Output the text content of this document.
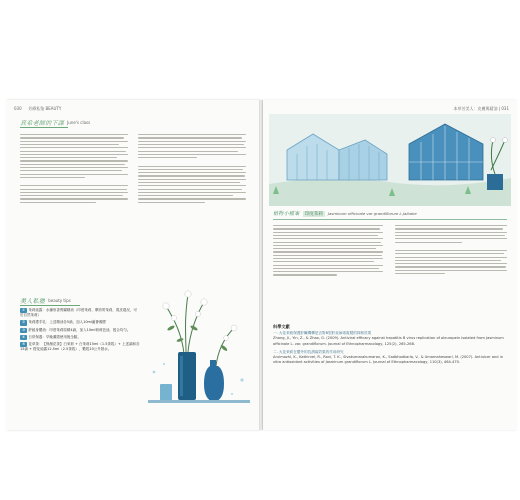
030 　 芳療私塾 BEAUTY
真希老師的下課 June's class
美人私塾 beauty tips
① 茉莉純露：水鐘形香膏屬精油（印度茉莉、摩洛哥茉莉，視皮膚況，可於自然茉莉）
② 茉莉護手乳：上述精油各5滴，加入10ml蘆薈凝膠
③ 舒緩身體油：印度茉莉原精4滴，加入10ml荷荷芭油，搖合均勻。
④ 日常保養：早晚潔膚使用後全臉。
⑤ 花草茶：【保濕花茶】白茉莉 + 白茉莉15ml（1.5茶匙）+ 上述調和各15滴 + 橙花純露12.5ml（2.5茶匙），數匙10公升熱水。
本草芳美人：皮膚與精油 | 031
植物小檔案	印度茉莉	Jasminum officinale var grandiflorum L.Jalbake
科學文獻
一. 大花茉莉保護肝臟機轉是否對B型肝炎病毒複製的抑制效果
Zhang, Ji., Yin, Z., & Zhao, G. (2009). Antiviral efficacy against hepatitis B virus replication of oleuropein isolated from Jasminum officinale L. var. grandiflorum. Journal of Ethnopharmacology, 125(2), 265-268.
二. 大花茉莉在體外的抗潰瘍效果的作用研究
Arulmozhi, K., Kathirvel, R., Ravi, T. K., Sivakumarakumaran, K., Sadbhodkarla, V., & Umamaheswari, M. (2007). Antiulcer and in vitro antioxidant activities of Jasminum grandiflorum L. Journal of Ethnopharmacology, 110(3), 464-470.
